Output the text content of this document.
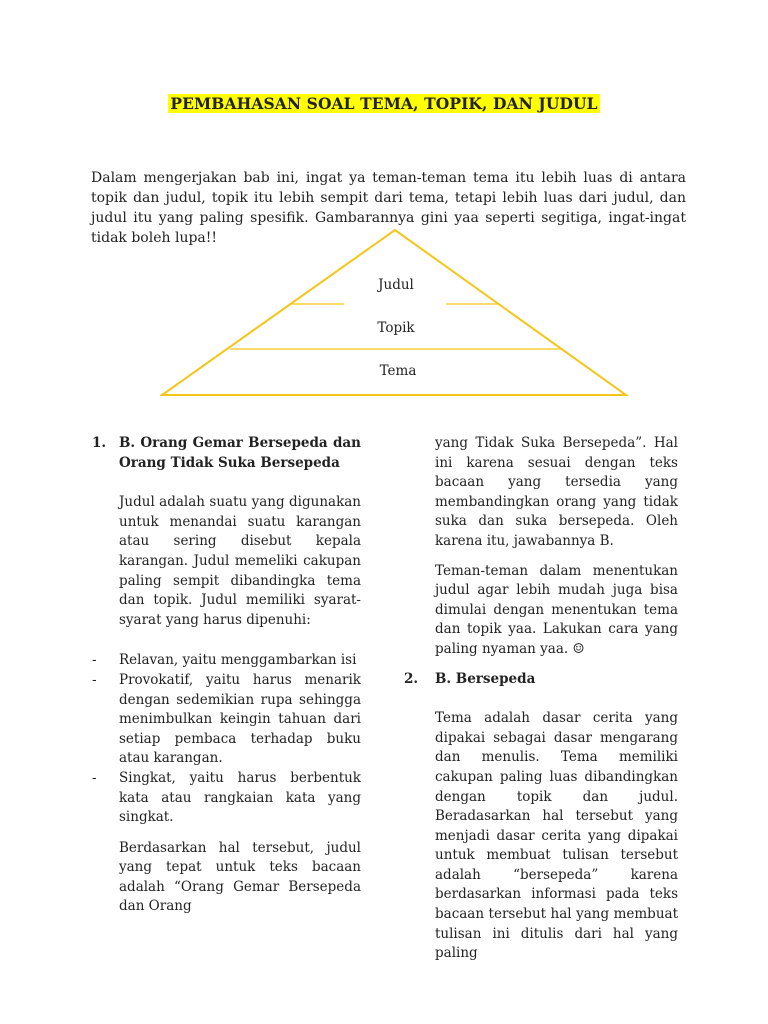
PEMBAHASAN SOAL TEMA, TOPIK, DAN JUDUL

Dalam mengerjakan bab ini, ingat ya teman-teman tema itu lebih luas di antara topik dan judul, topik itu lebih sempit dari tema, tetapi lebih luas dari judul, dan judul itu yang paling spesifik. Gambarannya gini yaa seperti segitiga, ingat-ingat tidak boleh lupa!!

Judul
Topik
Tema
1. B. Orang Gemar Bersepeda dan Orang Tidak Suka Bersepeda

Judul adalah suatu yang digunakan untuk menandai suatu karangan atau sering disebut kepala karangan. Judul memeliki cakupan paling sempit dibandingka tema dan topik. Judul memiliki syarat-syarat yang harus dipenuhi:

- Relavan, yaitu menggambarkan isi
- Provokatif, yaitu harus menarik dengan sedemikian rupa sehingga menimbulkan keingin tahuan dari setiap pembaca terhadap buku atau karangan.
- Singkat, yaitu harus berbentuk kata atau rangkaian kata yang singkat.

Berdasarkan hal tersebut, judul yang tepat untuk teks bacaan adalah “Orang Gemar Bersepeda dan Orang

yang Tidak Suka Bersepeda”. Hal ini karena sesuai dengan teks bacaan yang tersedia yang membandingkan orang yang tidak suka dan suka bersepeda. Oleh karena itu, jawabannya B.

Teman-teman dalam menentukan judul agar lebih mudah juga bisa dimulai dengan menentukan tema dan topik yaa. Lakukan cara yang paling nyaman yaa. ☺

2. B. Bersepeda

Tema adalah dasar cerita yang dipakai sebagai dasar mengarang dan menulis. Tema memiliki cakupan paling luas dibandingkan dengan topik dan judul. Beradasarkan hal tersebut yang menjadi dasar cerita yang dipakai untuk membuat tulisan tersebut adalah “bersepeda” karena berdasarkan informasi pada teks bacaan tersebut hal yang membuat tulisan ini ditulis dari hal yang paling
